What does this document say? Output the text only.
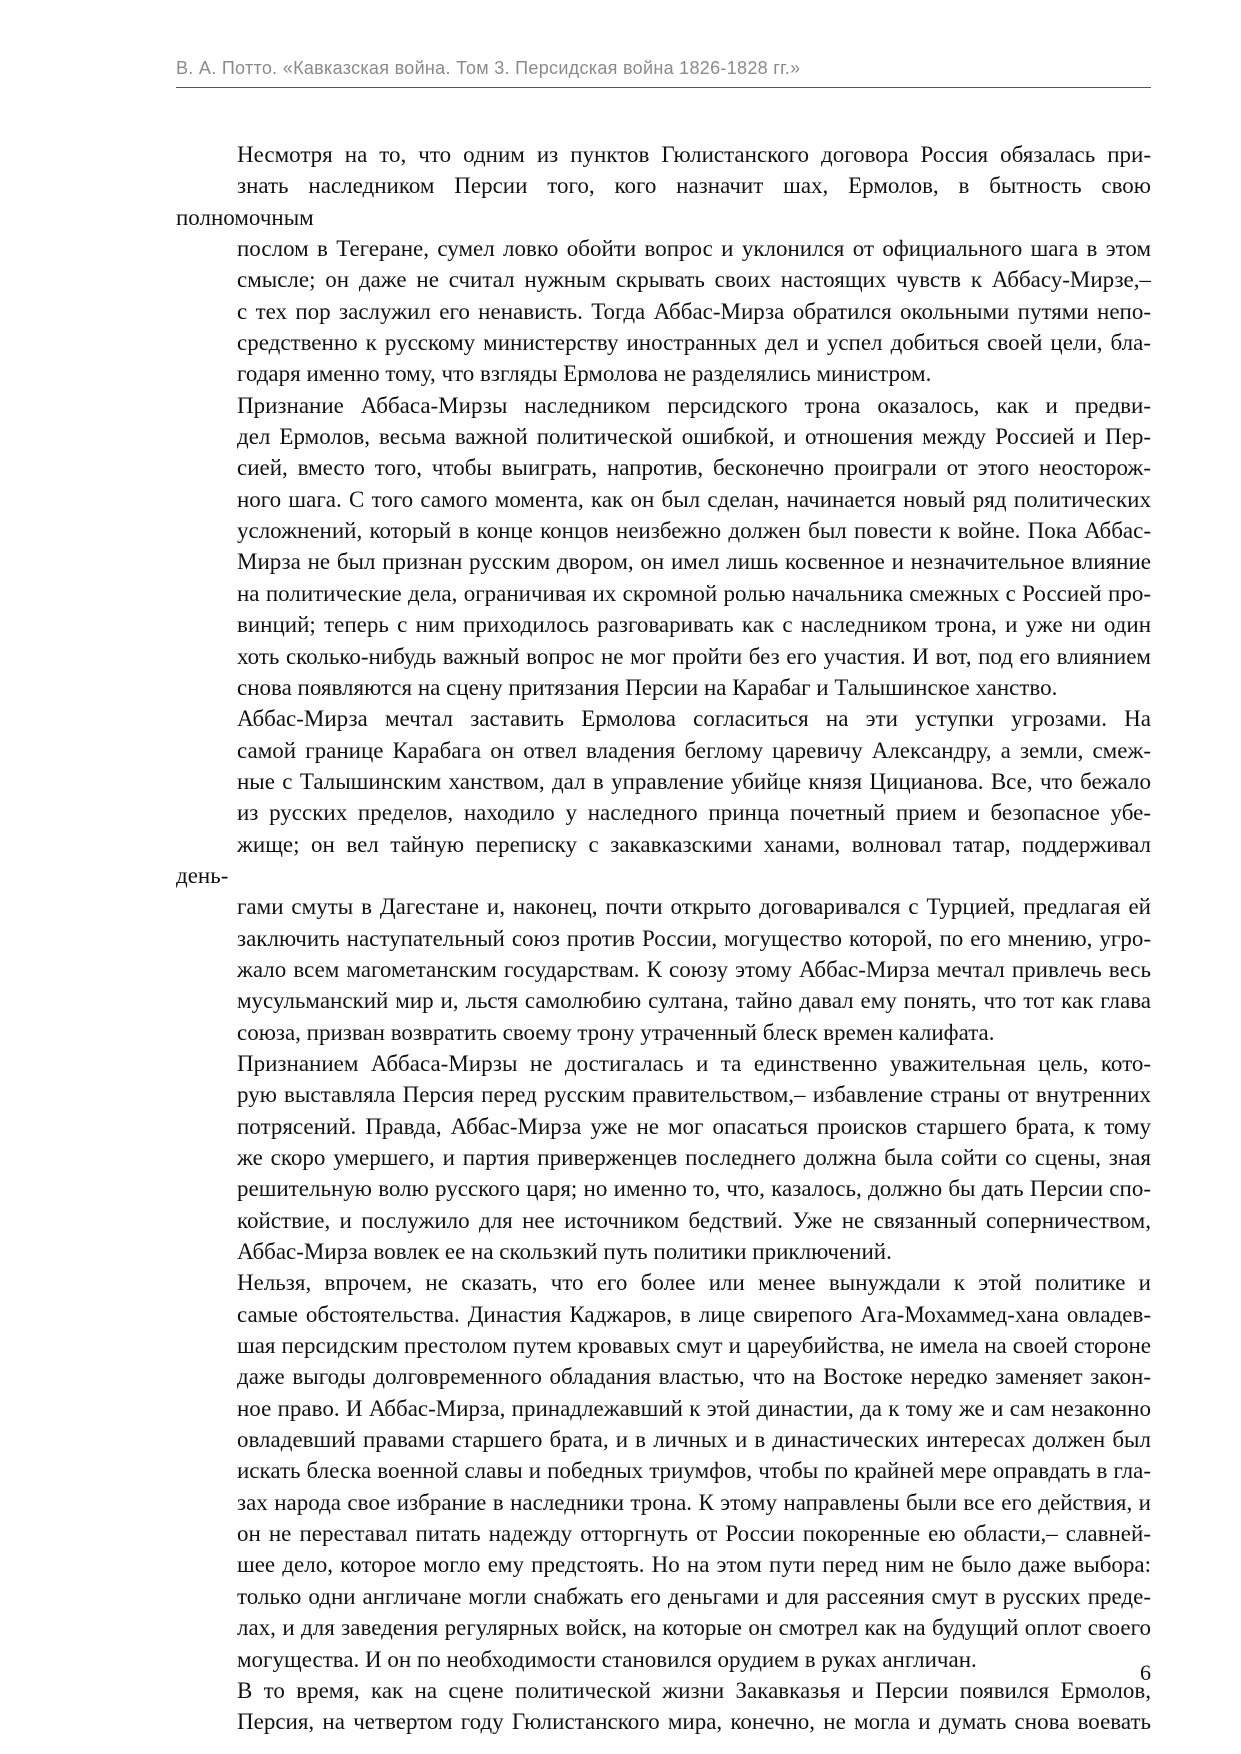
В. А. Потто. «Кавказская война. Том 3. Персидская война 1826-1828 гг.»

Несмотря на то, что одним из пунктов Гюлистанского договора Россия обязалась при-
знать наследником Персии того, кого назначит шах, Ермолов, в бытность свою полномочным
послом в Тегеране, сумел ловко обойти вопрос и уклонился от официального шага в этом
смысле; он даже не считал нужным скрывать своих настоящих чувств к Аббасу-Мирзе,–
с тех пор заслужил его ненависть. Тогда Аббас-Мирза обратился окольными путями непо-
средственно к русскому министерству иностранных дел и успел добиться своей цели, бла-
годаря именно тому, что взгляды Ермолова не разделялись министром.

Признание Аббаса-Мирзы наследником персидского трона оказалось, как и предви-
дел Ермолов, весьма важной политической ошибкой, и отношения между Россией и Пер-
сией, вместо того, чтобы выиграть, напротив, бесконечно проиграли от этого неосторож-
ного шага. С того самого момента, как он был сделан, начинается новый ряд политических
усложнений, который в конце концов неизбежно должен был повести к войне. Пока Аббас-
Мирза не был признан русским двором, он имел лишь косвенное и незначительное влияние
на политические дела, ограничивая их скромной ролью начальника смежных с Россией про-
винций; теперь с ним приходилось разговаривать как с наследником трона, и уже ни один
хоть сколько-нибудь важный вопрос не мог пройти без его участия. И вот, под его влиянием
снова появляются на сцену притязания Персии на Карабаг и Талышинское ханство.

Аббас-Мирза мечтал заставить Ермолова согласиться на эти уступки угрозами. На
самой границе Карабага он отвел владения беглому царевичу Александру, а земли, смеж-
ные с Талышинским ханством, дал в управление убийце князя Цицианова. Все, что бежало
из русских пределов, находило у наследного принца почетный прием и безопасное убе-
жище; он вел тайную переписку с закавказскими ханами, волновал татар, поддерживал день-
гами смуты в Дагестане и, наконец, почти открыто договаривался с Турцией, предлагая ей
заключить наступательный союз против России, могущество которой, по его мнению, угро-
жало всем магометанским государствам. К союзу этому Аббас-Мирза мечтал привлечь весь
мусульманский мир и, льстя самолюбию султана, тайно давал ему понять, что тот как глава
союза, призван возвратить своему трону утраченный блеск времен калифата.

Признанием Аббаса-Мирзы не достигалась и та единственно уважительная цель, кото-
рую выставляла Персия перед русским правительством,– избавление страны от внутренних
потрясений. Правда, Аббас-Мирза уже не мог опасаться происков старшего брата, к тому
же скоро умершего, и партия приверженцев последнего должна была сойти со сцены, зная
решительную волю русского царя; но именно то, что, казалось, должно бы дать Персии спо-
койствие, и послужило для нее источником бедствий. Уже не связанный соперничеством,
Аббас-Мирза вовлек ее на скользкий путь политики приключений.

Нельзя, впрочем, не сказать, что его более или менее вынуждали к этой политике и
самые обстоятельства. Династия Каджаров, в лице свирепого Ага-Мохаммед-хана овладев-
шая персидским престолом путем кровавых смут и цареубийства, не имела на своей стороне
даже выгоды долговременного обладания властью, что на Востоке нередко заменяет закон-
ное право. И Аббас-Мирза, принадлежавший к этой династии, да к тому же и сам незаконно
овладевший правами старшего брата, и в личных и в династических интересах должен был
искать блеска военной славы и победных триумфов, чтобы по крайней мере оправдать в гла-
зах народа свое избрание в наследники трона. К этому направлены были все его действия, и
он не переставал питать надежду отторгнуть от России покоренные ею области,– славней-
шее дело, которое могло ему предстоять. Но на этом пути перед ним не было даже выбора:
только одни англичане могли снабжать его деньгами и для рассеяния смут в русских преде-
лах, и для заведения регулярных войск, на которые он смотрел как на будущий оплот своего
могущества. И он по необходимости становился орудием в руках англичан.

В то время, как на сцене политической жизни Закавказья и Персии появился Ермолов,
Персия, на четвертом году Гюлистанского мира, конечно, не могла и думать снова воевать

6
